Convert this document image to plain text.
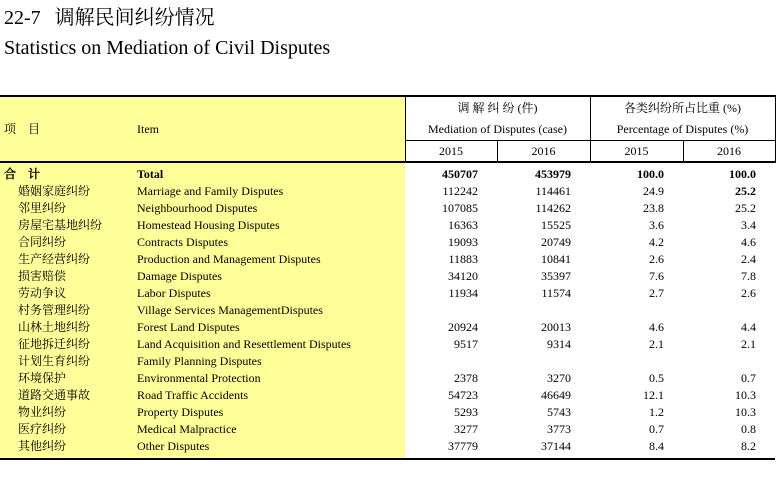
22-7 调解民间纠纷情况
Statistics on Mediation of Civil Disputes
项　目	Item	调 解 纠 纷 (件)		各类纠纷所占比重 (%)	
		Mediation of Disputes (case)		Percentage of Disputes (%)	
		2015	2016	2015	2016

合　计	Total	450707	453979	100.0	100.0
婚姻家庭纠纷	Marriage and Family Disputes	112242	114461	24.9	25.2
邻里纠纷	Neighbourhood Disputes	107085	114262	23.8	25.2
房屋宅基地纠纷	Homestead Housing Disputes	16363	15525	3.6	3.4
合同纠纷	Contracts Disputes	19093	20749	4.2	4.6
生产经营纠纷	Production and Management Disputes	11883	10841	2.6	2.4
损害赔偿	Damage Disputes	34120	35397	7.6	7.8
劳动争议	Labor Disputes	11934	11574	2.7	2.6
村务管理纠纷	Village Services ManagementDisputes				
山林土地纠纷	Forest Land Disputes	20924	20013	4.6	4.4
征地拆迁纠纷	Land Acquisition and Resettlement Disputes	9517	9314	2.1	2.1
计划生育纠纷	Family Planning Disputes				
环境保护	Environmental Protection	2378	3270	0.5	0.7
道路交通事故	Road Traffic Accidents	54723	46649	12.1	10.3
物业纠纷	Property Disputes	5293	5743	1.2	10.3
医疗纠纷	Medical Malpractice	3277	3773	0.7	0.8
其他纠纷	Other Disputes	37779	37144	8.4	8.2
